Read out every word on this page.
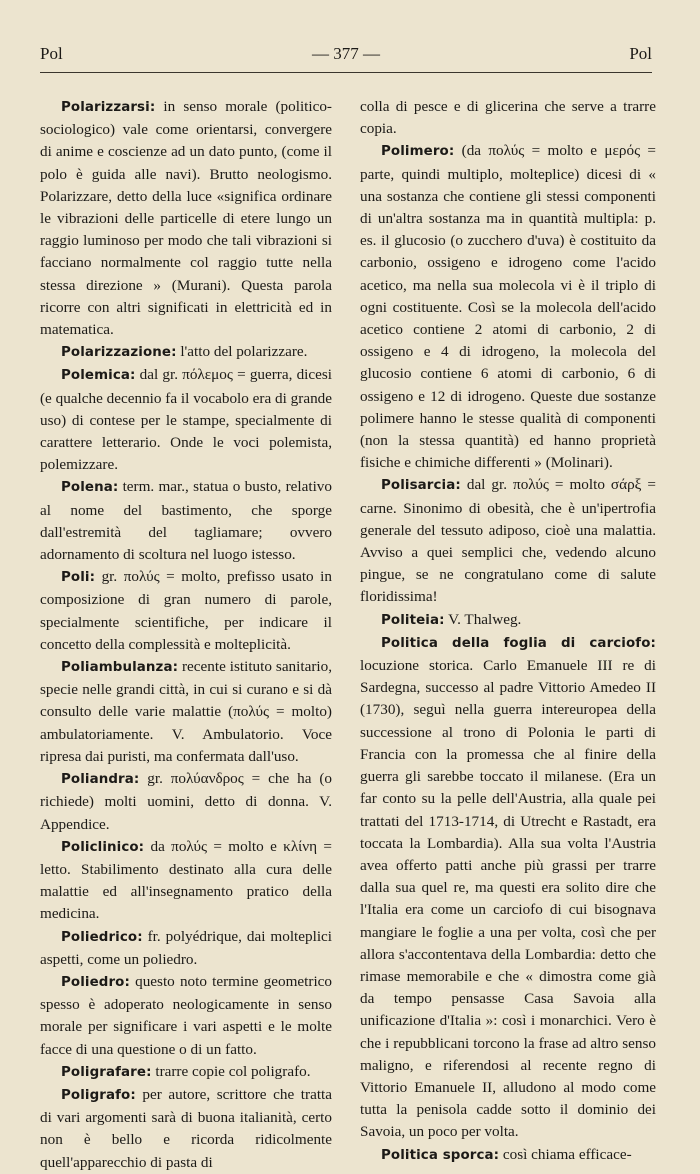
Pol	— 377 —	Pol

Polarizzarsi: in senso morale (politico-sociologico) vale come orientarsi, convergere di anime e coscienze ad un dato punto, (come il polo è guida alle navi). Brutto neologismo. Polarizzare, detto della luce «significa ordinare le vibrazioni delle particelle di etere lungo un raggio luminoso per modo che tali vibrazioni si facciano normalmente col raggio tutte nella stessa direzione » (Murani). Questa parola ricorre con altri significati in elettricità ed in matematica.

Polarizzazione: l'atto del polarizzare.

Polemica: dal gr. πόλεμος = guerra, dicesi (e qualche decennio fa il vocabolo era di grande uso) di contese per le stampe, specialmente di carattere letterario. Onde le voci polemista, polemizzare.

Polena: term. mar., statua o busto, relativo al nome del bastimento, che sporge dall'estremità del tagliamare; ovvero adornamento di scoltura nel luogo istesso.

Poli: gr. πολύς = molto, prefisso usato in composizione di gran numero di parole, specialmente scientifiche, per indicare il concetto della complessità e molteplicità.

Poliambulanza: recente istituto sanitario, specie nelle grandi città, in cui si curano e si dà consulto delle varie malattie (πολύς = molto) ambulatoriamente. V. Ambulatorio. Voce ripresa dai puristi, ma confermata dall'uso.

Poliandra: gr. πολύανδρος = che ha (o richiede) molti uomini, detto di donna. V. Appendice.

Policlinico: da πολύς = molto e κλίνη = letto. Stabilimento destinato alla cura delle malattie ed all'insegnamento pratico della medicina.

Poliedrico: fr. polyédrique, dai molteplici aspetti, come un poliedro.

Poliedro: questo noto termine geometrico spesso è adoperato neologicamente in senso morale per significare i vari aspetti e le molte facce di una questione o di un fatto.

Poligrafare: trarre copie col poligrafo.

Poligrafo: per autore, scrittore che tratta di vari argomenti sarà di buona italianità, certo non è bello e ricorda ridicolmente quell'apparecchio di pasta di

colla di pesce e di glicerina che serve a trarre copia.

Polimero: (da πολύς = molto e μερός = parte, quindi multiplo, molteplice) dicesi di « una sostanza che contiene gli stessi componenti di un'altra sostanza ma in quantità multipla: p. es. il glucosio (o zucchero d'uva) è costituito da carbonio, ossigeno e idrogeno come l'acido acetico, ma nella sua molecola vi è il triplo di ogni costituente. Così se la molecola dell'acido acetico contiene 2 atomi di carbonio, 2 di ossigeno e 4 di idrogeno, la molecola del glucosio contiene 6 atomi di carbonio, 6 di ossigeno e 12 di idrogeno. Queste due sostanze polimere hanno le stesse qualità di componenti (non la stessa quantità) ed hanno proprietà fisiche e chimiche differenti » (Molinari).

Polisarcia: dal gr. πολύς = molto σάρξ = carne. Sinonimo di obesità, che è un'ipertrofia generale del tessuto adiposo, cioè una malattia. Avviso a quei semplici che, vedendo alcuno pingue, se ne congratulano come di salute floridissima!

Politeia: V. Thalweg.

Politica della foglia di carciofo: locuzione storica. Carlo Emanuele III re di Sardegna, successo al padre Vittorio Amedeo II (1730), seguì nella guerra intereuropea della successione al trono di Polonia le parti di Francia con la promessa che al finire della guerra gli sarebbe toccato il milanese. (Era un far conto su la pelle dell'Austria, alla quale pei trattati del 1713-1714, di Utrecht e Rastadt, era toccata la Lombardia). Alla sua volta l'Austria avea offerto patti anche più grassi per trarre dalla sua quel re, ma questi era solito dire che l'Italia era come un carciofo di cui bisognava mangiare le foglie a una per volta, così che per allora s'accontentava della Lombardia: detto che rimase memorabile e che « dimostra come già da tempo pensasse Casa Savoia alla unificazione d'Italia »: così i monarchici. Vero è che i repubblicani torcono la frase ad altro senso maligno, e riferendosi al recente regno di Vittorio Emanuele II, alludono al modo come tutta la penisola cadde sotto il dominio dei Savoia, un poco per volta.

Politica sporca: così chiama efficace-
